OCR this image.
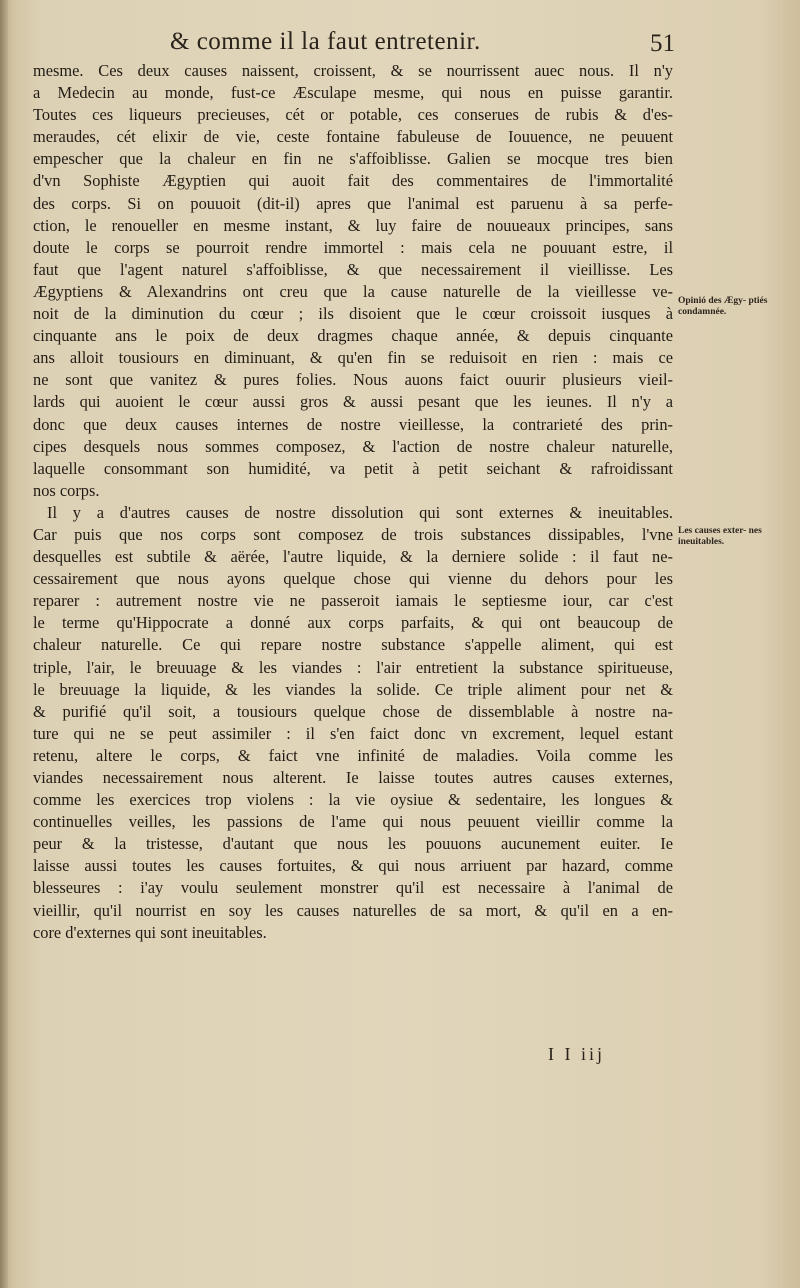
& comme il la faut entretenir.	51
mesme. Ces deux causes naissent, croissent, & se nourrissent auec nous. Il n'y
a Medecin au monde, fust-ce Æsculape mesme, qui nous en puisse garantir.
Toutes ces liqueurs precieuses, cét or potable, ces conserues de rubis & d'es-
meraudes, cét elixir de vie, ceste fontaine fabuleuse de Iouuence, ne peuuent
empescher que la chaleur en fin ne s'affoiblisse. Galien se mocque tres bien
d'vn Sophiste Ægyptien qui auoit fait des commentaires de l'immortalité
des corps. Si on pouuoit (dit-il) apres que l'animal est paruenu à sa perfe-
ction, le renoueller en mesme instant, & luy faire de nouueaux principes, sans
doute le corps se pourroit rendre immortel : mais cela ne pouuant estre, il
faut que l'agent naturel s'affoiblisse, & que necessairement il vieillisse. Les
Ægyptiens & Alexandrins ont creu que la cause naturelle de la vieillesse ve-
noit de la diminution du cœur ; ils disoient que le cœur croissoit iusques à
cinquante ans le poix de deux dragmes chaque année, & depuis cinquante
ans alloit tousiours en diminuant, & qu'en fin se reduisoit en rien : mais ce
ne sont que vanitez & pures folies. Nous auons faict ouurir plusieurs vieil-
lards qui auoient le cœur aussi gros & aussi pesant que les ieunes. Il n'y a
donc que deux causes internes de nostre vieillesse, la contrarieté des prin-
cipes desquels nous sommes composez, & l'action de nostre chaleur naturelle,
laquelle consommant son humidité, va petit à petit seichant & rafroidissant
nos corps.
Il y a d'autres causes de nostre dissolution qui sont externes & ineuitables.
Car puis que nos corps sont composez de trois substances dissipables, l'vne
desquelles est subtile & aërée, l'autre liquide, & la derniere solide : il faut ne-
cessairement que nous ayons quelque chose qui vienne du dehors pour les
reparer : autrement nostre vie ne passeroit iamais le septiesme iour, car c'est
le terme qu'Hippocrate a donné aux corps parfaits, & qui ont beaucoup de
chaleur naturelle. Ce qui repare nostre substance s'appelle aliment, qui est
triple, l'air, le breuuage & les viandes : l'air entretient la substance spiritueuse,
le breuuage la liquide, & les viandes la solide. Ce triple aliment pour net &
& purifié qu'il soit, a tousiours quelque chose de dissemblable à nostre na-
ture qui ne se peut assimiler : il s'en faict donc vn excrement, lequel estant
retenu, altere le corps, & faict vne infinité de maladies. Voila comme les
viandes necessairement nous alterent. Ie laisse toutes autres causes externes,
comme les exercices trop violens : la vie oysiue & sedentaire, les longues &
continuelles veilles, les passions de l'ame qui nous peuuent vieillir comme la
peur & la tristesse, d'autant que nous les pouuons aucunement euiter. Ie
laisse aussi toutes les causes fortuites, & qui nous arriuent par hazard, comme
blesseures : i'ay voulu seulement monstrer qu'il est necessaire à l'animal de
vieillir, qu'il nourrist en soy les causes naturelles de sa mort, & qu'il en a en-
core d'externes qui sont ineuitables.
Opinió des Ægy- ptiés condamnée.
Les causes exter- nes ineuitables.
I I iij
